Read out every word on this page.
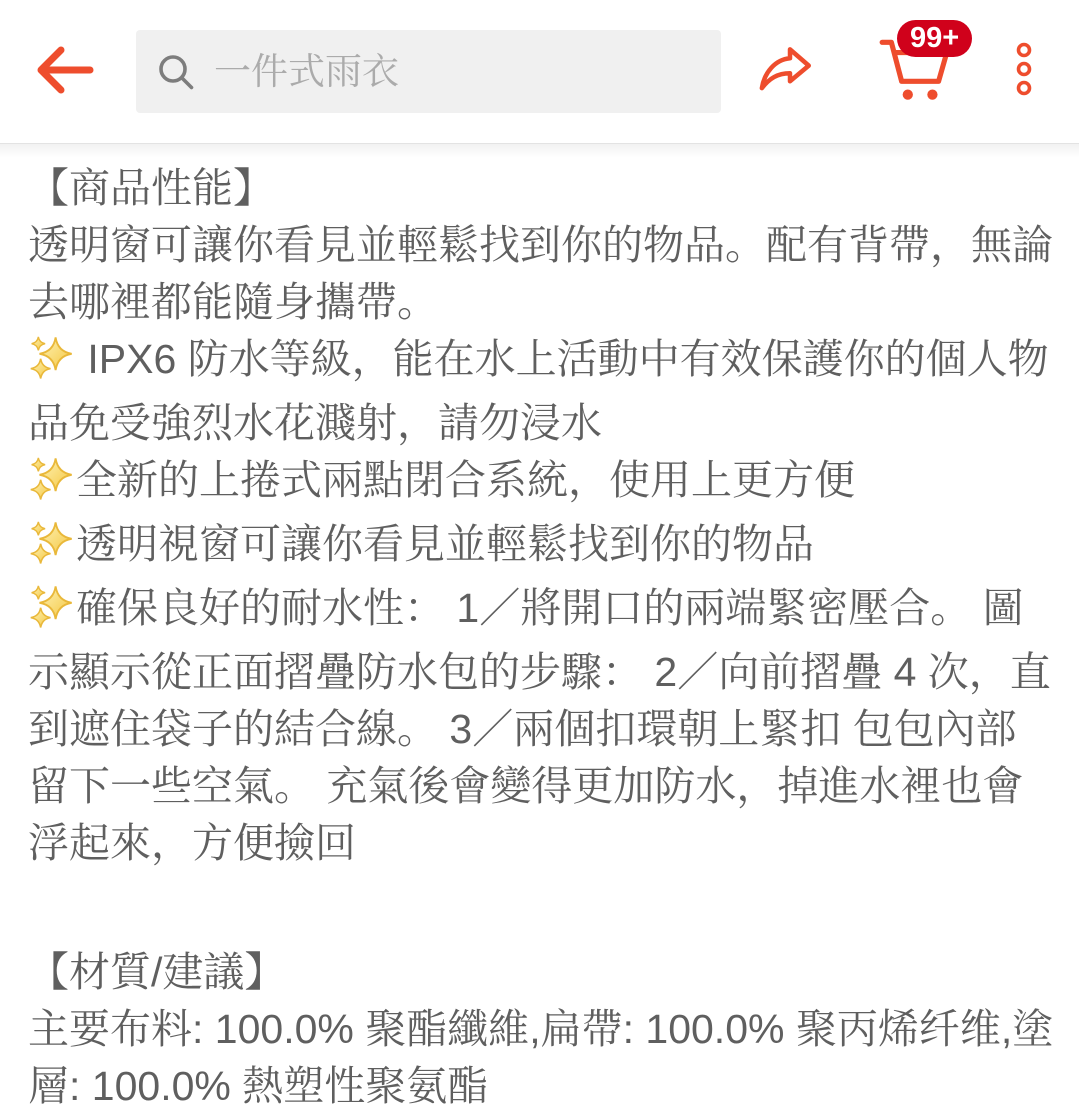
一件式雨衣
99+

【商品性能】

透明窗可讓你看見並輕鬆找到你的物品。配有背帶，無論去哪裡都能隨身攜帶。

IPX6 防水等級，能在水上活動中有效保護你的個人物品免受強烈水花濺射，請勿浸水

全新的上捲式兩點閉合系統，使用上更方便

透明視窗可讓你看見並輕鬆找到你的物品

確保良好的耐水性： 1／將開口的兩端緊密壓合。 圖示顯示從正面摺疊防水包的步驟： 2／向前摺疊 4 次，直到遮住袋子的結合線。 3／兩個扣環朝上緊扣 包包內部留下一些空氣。 充氣後會變得更加防水，掉進水裡也會浮起來，方便撿回

【材質/建議】

主要布料: 100.0% 聚酯纖維,扁帶: 100.0% 聚丙烯纤维,塗層: 100.0% 熱塑性聚氨酯
